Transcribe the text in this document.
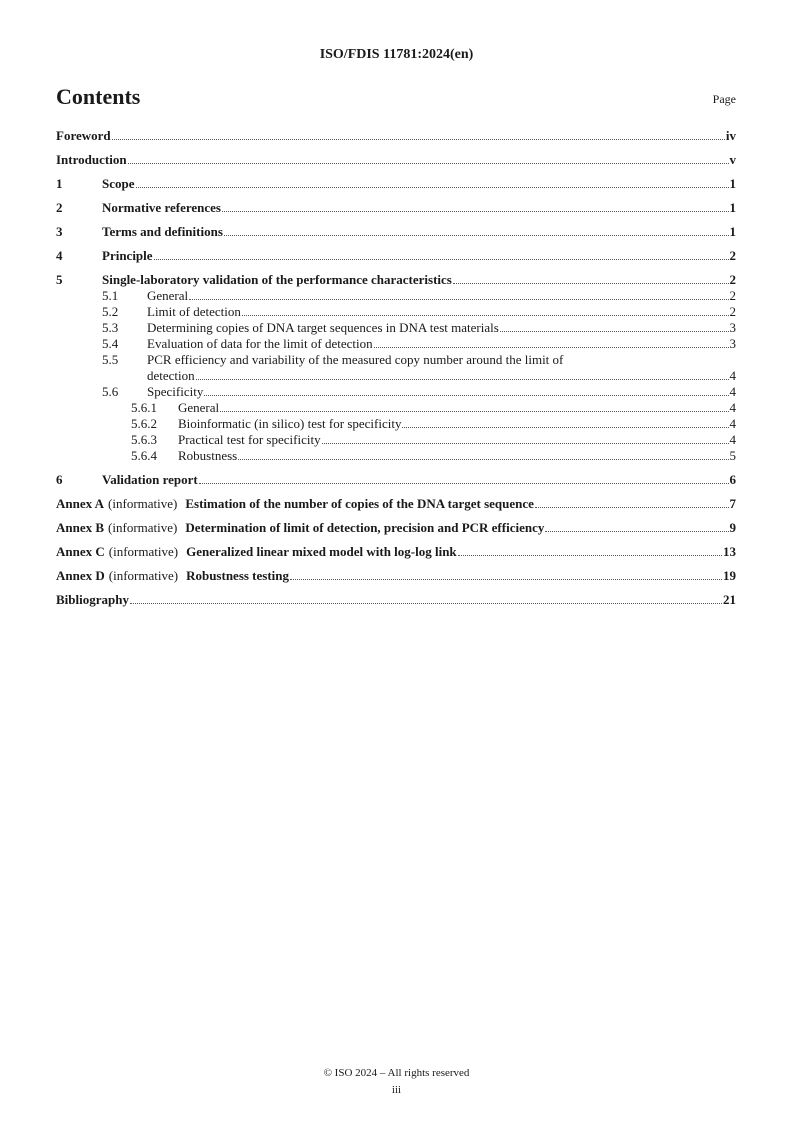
ISO/FDIS 11781:2024(en)
Contents	Page
Foreword	iv
Introduction	v
1	Scope	1
2	Normative references	1
3	Terms and definitions	1
4	Principle	2
5	Single-laboratory validation of the performance characteristics	2
5.1	General	2
5.2	Limit of detection	2
5.3	Determining copies of DNA target sequences in DNA test materials	3
5.4	Evaluation of data for the limit of detection	3
5.5	PCR efficiency and variability of the measured copy number around the limit of
detection	4
5.6	Specificity	4
5.6.1	General	4
5.6.2	Bioinformatic (in silico) test for specificity	4
5.6.3	Practical test for specificity	4
5.6.4	Robustness	5
6	Validation report	6
Annex A (informative) Estimation of the number of copies of the DNA target sequence	7
Annex B (informative) Determination of limit of detection, precision and PCR efficiency	9
Annex C (informative) Generalized linear mixed model with log-log link	13
Annex D (informative) Robustness testing	19
Bibliography	21
© ISO 2024 – All rights reserved
iii
